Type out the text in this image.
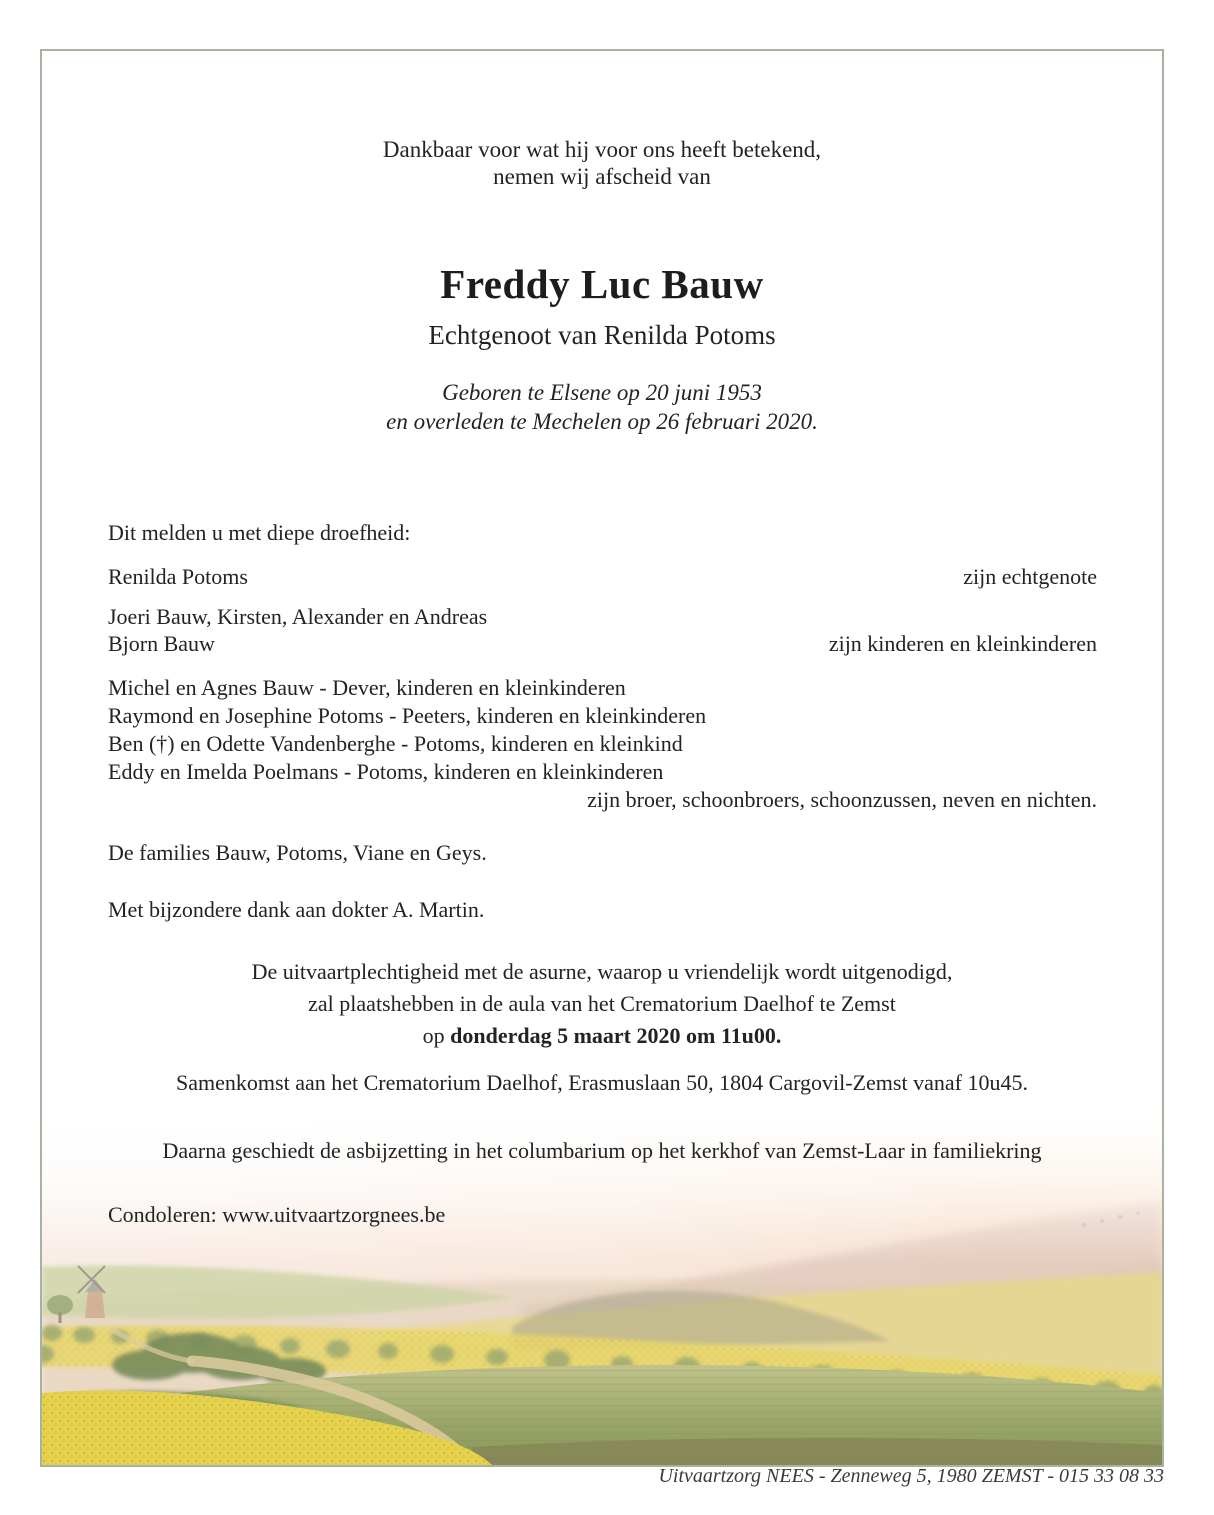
Dankbaar voor wat hij voor ons heeft betekend,
nemen wij afscheid van
Freddy Luc Bauw
Echtgenoot van Renilda Potoms
Geboren te Elsene op 20 juni 1953
en overleden te Mechelen op 26 februari 2020.
Dit melden u met diepe droefheid:
Renilda Potoms	zijn echtgenote
Joeri Bauw, Kirsten, Alexander en Andreas
Bjorn Bauw	zijn kinderen en kleinkinderen
Michel en Agnes Bauw - Dever, kinderen en kleinkinderen
Raymond en Josephine Potoms - Peeters, kinderen en kleinkinderen
Ben (†) en Odette Vandenberghe - Potoms, kinderen en kleinkind
Eddy en Imelda Poelmans - Potoms, kinderen en kleinkinderen
zijn broer, schoonbroers, schoonzussen, neven en nichten.
De families Bauw, Potoms, Viane en Geys.
Met bijzondere dank aan dokter A. Martin.
De uitvaartplechtigheid met de asurne, waarop u vriendelijk wordt uitgenodigd,
zal plaatshebben in de aula van het Crematorium Daelhof te Zemst
op donderdag 5 maart 2020 om 11u00.
Samenkomst aan het Crematorium Daelhof, Erasmuslaan 50, 1804 Cargovil-Zemst vanaf 10u45.
Daarna geschiedt de asbijzetting in het columbarium op het kerkhof van Zemst-Laar in familiekring
Condoleren: www.uitvaartzorgnees.be
Uitvaartzorg NEES - Zenneweg 5, 1980 ZEMST - 015 33 08 33
